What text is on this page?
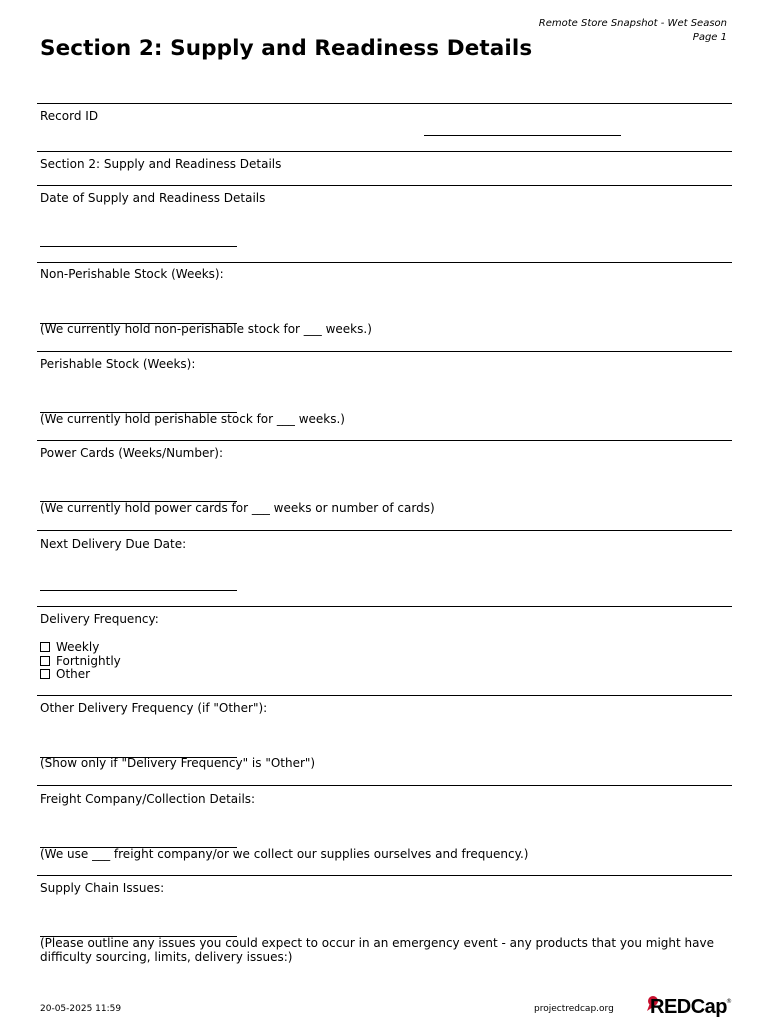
Remote Store Snapshot - Wet Season
Page 1
Section 2: Supply and Readiness Details
Record ID
Section 2: Supply and Readiness Details
Date of Supply and Readiness Details
Non-Perishable Stock (Weeks):
(We currently hold non-perishable stock for ___ weeks.)
Perishable Stock (Weeks):
(We currently hold perishable stock for ___ weeks.)
Power Cards (Weeks/Number):
(We currently hold power cards for ___ weeks or number of cards)
Next Delivery Due Date:
Delivery Frequency:
Weekly
Fortnightly
Other
Other Delivery Frequency (if "Other"):
(Show only if "Delivery Frequency" is "Other")
Freight Company/Collection Details:
(We use ___ freight company/or we collect our supplies ourselves and frequency.)
Supply Chain Issues:
(Please outline any issues you could expect to occur in an emergency event - any products that you might have difficulty sourcing, limits, delivery issues:)
20-05-2025 11:59	projectredcap.org REDCap
®
